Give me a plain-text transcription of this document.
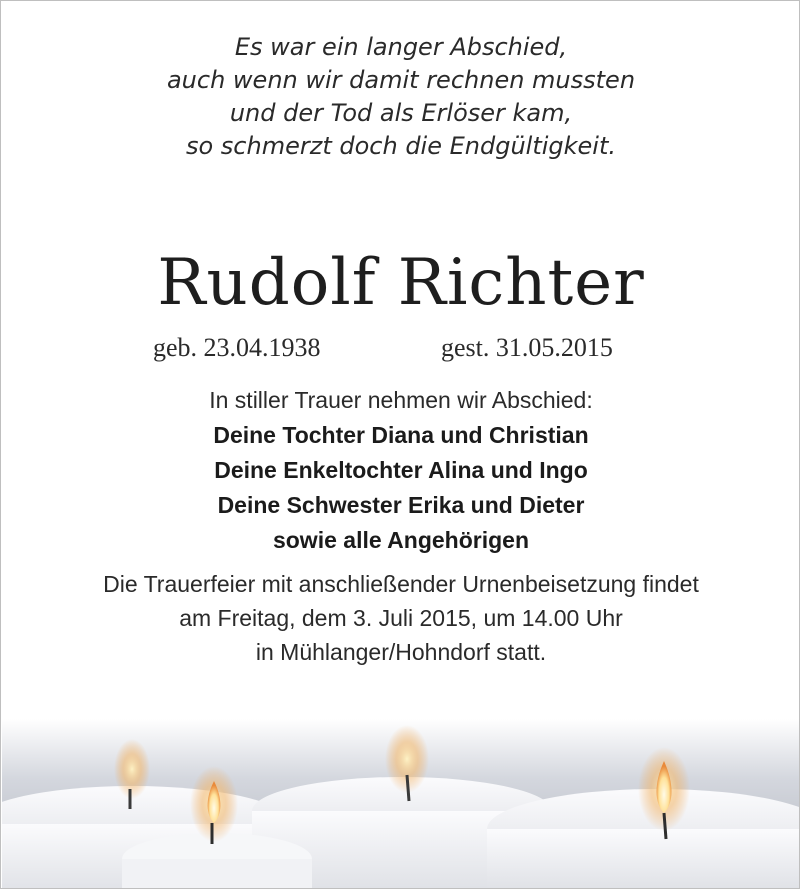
Es war ein langer Abschied,
auch wenn wir damit rechnen mussten
und der Tod als Erlöser kam,
so schmerzt doch die Endgültigkeit.
Rudolf Richter
geb. 23.04.1938	gest. 31.05.2015
In stiller Trauer nehmen wir Abschied:
Deine Tochter Diana und Christian
Deine Enkeltochter Alina und Ingo
Deine Schwester Erika und Dieter
sowie alle Angehörigen
Die Trauerfeier mit anschließender Urnenbeisetzung findet
am Freitag, dem 3. Juli 2015, um 14.00 Uhr
in Mühlanger/Hohndorf statt.
